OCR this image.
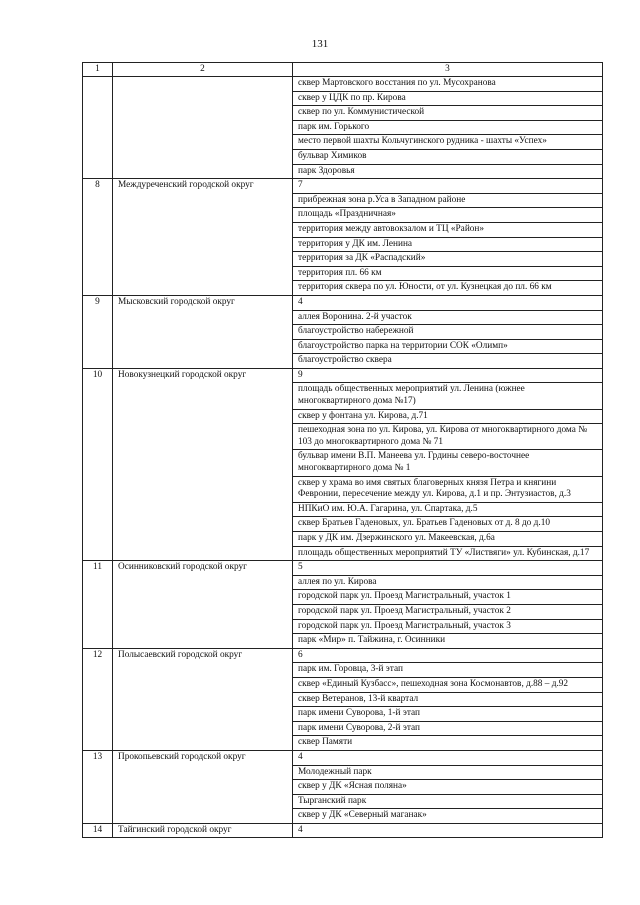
131
1	2	3
		сквер Мартовского восстания по ул. Мусохранова
		сквер у ЦДК по пр. Кирова
		сквер по ул. Коммунистической
		парк им. Горького
		место первой шахты Кольчугинского рудника - шахты «Успех»
		бульвар Химиков
		парк Здоровья
8	Междуреченский городской округ	7
		прибрежная зона р.Уса в Западном районе
		площадь «Праздничная»
		территория между автовокзалом и ТЦ «Район»
		территория у ДК им. Ленина
		территория за ДК «Распадский»
		территория пл. 66 км
		территория сквера по ул. Юности, от ул. Кузнецкая до пл. 66 км
9	Мысковский городской округ	4
		аллея Воронина. 2-й участок
		благоустройство набережной
		благоустройство парка на территории СОК «Олимп»
		благоустройство сквера
10	Новокузнецкий городской округ	9
		площадь общественных мероприятий ул. Ленина (южнее многоквартирного дома №17)
		сквер у фонтана ул. Кирова, д.71
		пешеходная зона по ул. Кирова, ул. Кирова от многоквартирного дома № 103 до многоквартирного дома № 71
		бульвар имени В.П. Манеева ул. Грдины северо-восточнее многоквартирного дома № 1
		сквер у храма во имя святых благоверных князя Петра и княгини Февронии, пересечение между ул. Кирова, д.1 и пр. Энтузиастов, д.3
		НПКиО им. Ю.А. Гагарина, ул. Спартака, д.5
		сквер Братьев Гаденовых, ул. Братьев Гаденовых от д. 8 до д.10
		парк у ДК им. Дзержинского ул. Макеевская, д.6а
		площадь общественных мероприятий ТУ «Листвяги» ул. Кубинская, д.17
11	Осинниковский городской округ	5
		аллея по ул. Кирова
		городской парк ул. Проезд Магистральный, участок 1
		городской парк ул. Проезд Магистральный, участок 2
		городской парк ул. Проезд Магистральный, участок 3
		парк «Мир» п. Тайжина, г. Осинники
12	Полысаевский городской округ	6
		парк им. Горовца, 3-й этап
		сквер «Единый Кузбасс», пешеходная зона Космонавтов, д.88 – д.92
		сквер Ветеранов, 13-й квартал
		парк имени Суворова, 1-й этап
		парк имени Суворова, 2-й этап
		сквер Памяти
13	Прокопьевский городской округ	4
		Молодежный парк
		сквер у ДК «Ясная поляна»
		Тырганский парк
		сквер у ДК «Северный маганак»
14	Тайгинский городской округ	4
